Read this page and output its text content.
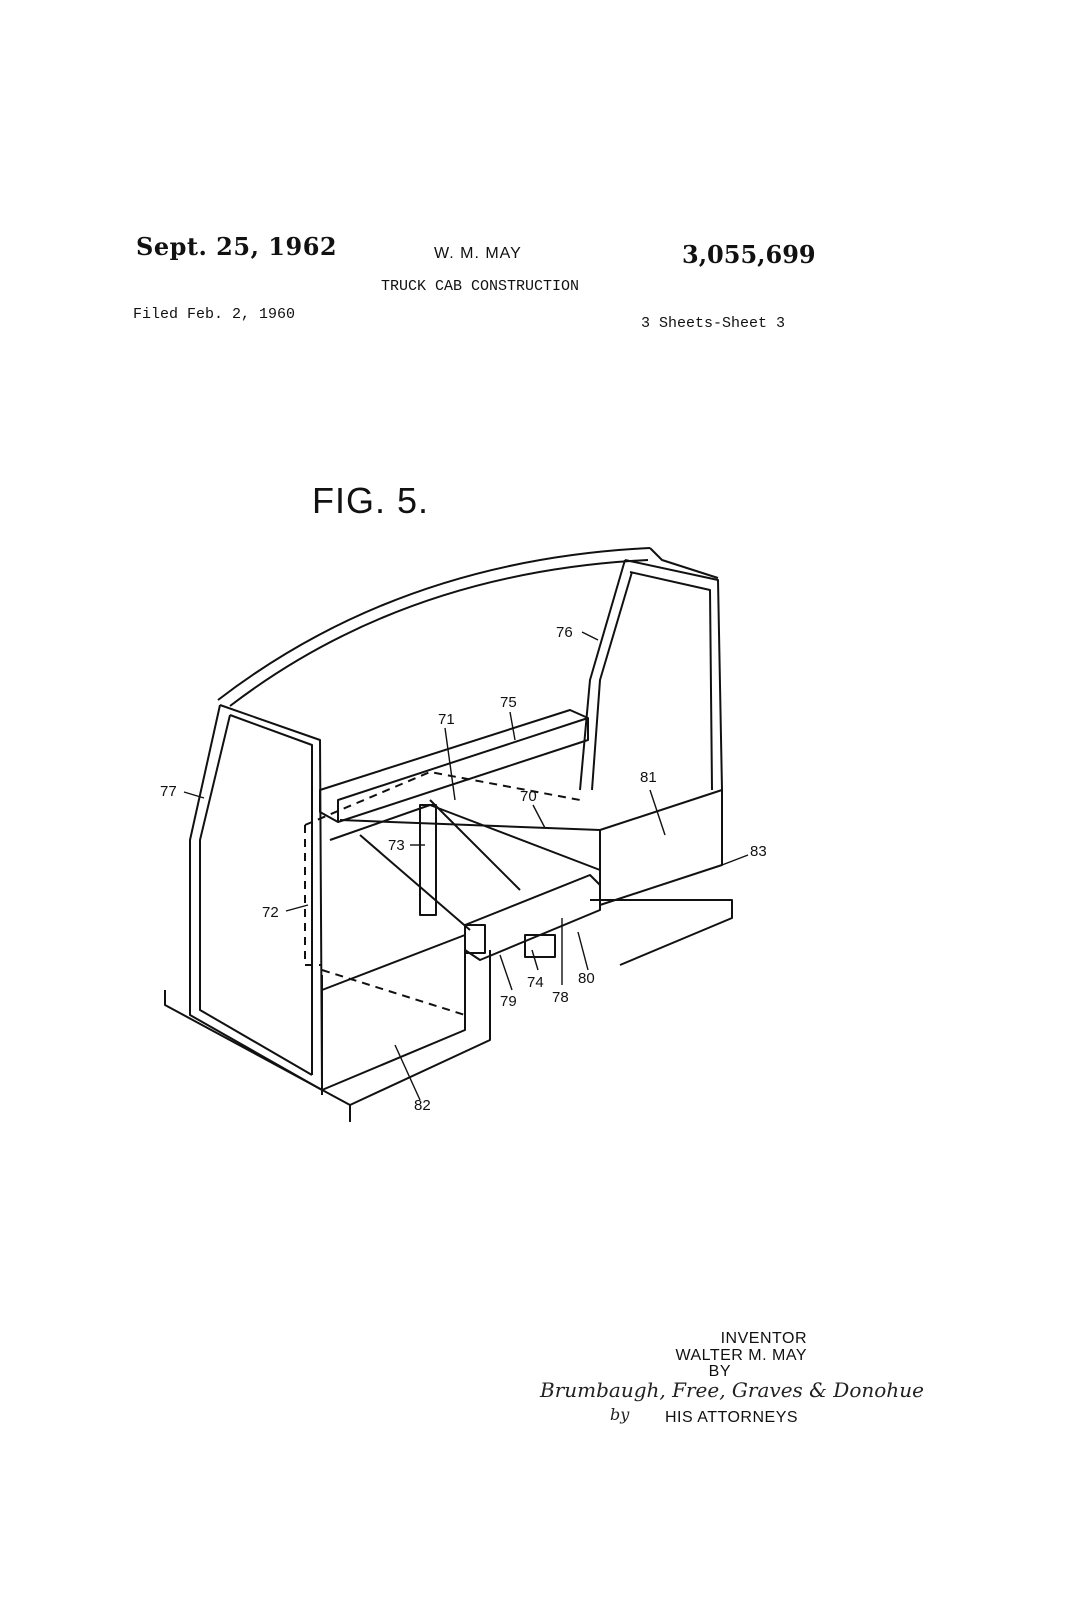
Sept. 25, 1962	W. M. MAY	3,055,699
TRUCK CAB CONSTRUCTION
Filed Feb. 2, 1960
3 Sheets-Sheet 3
FIG. 5.
76
77
71
75
81
83
70
73
72
74 80
78
79
82
INVENTOR
WALTER M. MAY
BY
Brumbaugh, Free, Graves & Donohue
by HIS ATTORNEYS
